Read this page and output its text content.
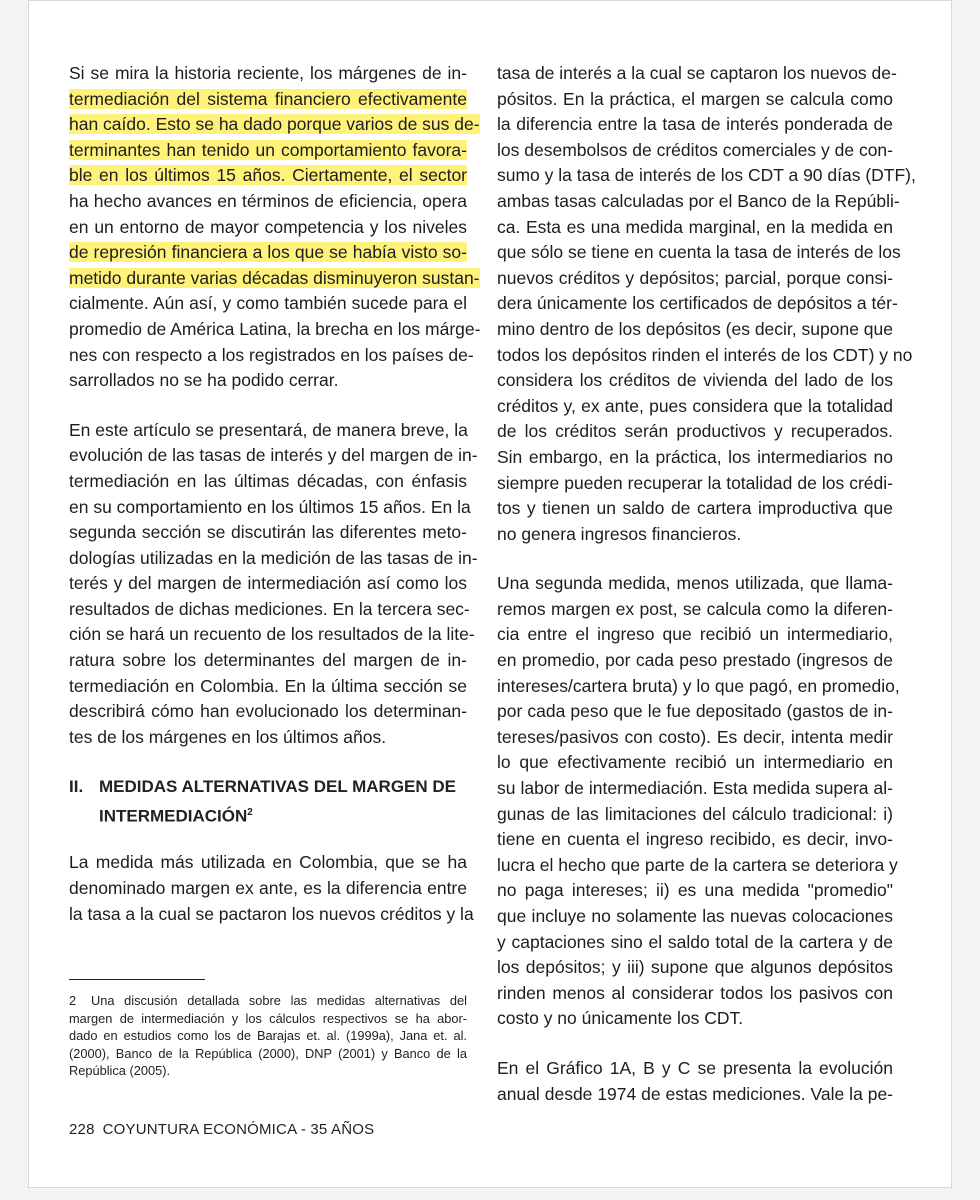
Si se mira la historia reciente, los márgenes de in-
termediación del sistema financiero efectivamente
han caído. Esto se ha dado porque varios de sus de-
terminantes han tenido un comportamiento favora-
ble en los últimos 15 años. Ciertamente, el sector
ha hecho avances en términos de eficiencia, opera
en un entorno de mayor competencia y los niveles
de represión financiera a los que se había visto so-
metido durante varias décadas disminuyeron sustan-
cialmente. Aún así, y como también sucede para el
promedio de América Latina, la brecha en los márge-
nes con respecto a los registrados en los países de-
sarrollados no se ha podido cerrar.
En este artículo se presentará, de manera breve, la
evolución de las tasas de interés y del margen de in-
termediación en las últimas décadas, con énfasis
en su comportamiento en los últimos 15 años. En la
segunda sección se discutirán las diferentes meto-
dologías utilizadas en la medición de las tasas de in-
terés y del margen de intermediación así como los
resultados de dichas mediciones. En la tercera sec-
ción se hará un recuento de los resultados de la lite-
ratura sobre los determinantes del margen de in-
termediación en Colombia. En la última sección se
describirá cómo han evolucionado los determinan-
tes de los márgenes en los últimos años.
II. MEDIDAS ALTERNATIVAS DEL MARGEN DE
INTERMEDIACIÓN$^2$
La medida más utilizada en Colombia, que se ha
denominado margen ex ante, es la diferencia entre
la tasa a la cual se pactaron los nuevos créditos y la
2 Una discusión detallada sobre las medidas alternativas del
margen de intermediación y los cálculos respectivos se ha abor-
dado en estudios como los de Barajas et. al. (1999a), Jana et. al.
(2000), Banco de la República (2000), DNP (2001) y Banco de la
República (2005).
tasa de interés a la cual se captaron los nuevos de-
pósitos. En la práctica, el margen se calcula como
la diferencia entre la tasa de interés ponderada de
los desembolsos de créditos comerciales y de con-
sumo y la tasa de interés de los CDT a 90 días (DTF),
ambas tasas calculadas por el Banco de la Repúbli-
ca. Esta es una medida marginal, en la medida en
que sólo se tiene en cuenta la tasa de interés de los
nuevos créditos y depósitos; parcial, porque consi-
dera únicamente los certificados de depósitos a tér-
mino dentro de los depósitos (es decir, supone que
todos los depósitos rinden el interés de los CDT) y no
considera los créditos de vivienda del lado de los
créditos y, ex ante, pues considera que la totalidad
de los créditos serán productivos y recuperados.
Sin embargo, en la práctica, los intermediarios no
siempre pueden recuperar la totalidad de los crédi-
tos y tienen un saldo de cartera improductiva que
no genera ingresos financieros.
Una segunda medida, menos utilizada, que llama-
remos margen ex post, se calcula como la diferen-
cia entre el ingreso que recibió un intermediario,
en promedio, por cada peso prestado (ingresos de
intereses/cartera bruta) y lo que pagó, en promedio,
por cada peso que le fue depositado (gastos de in-
tereses/pasivos con costo). Es decir, intenta medir
lo que efectivamente recibió un intermediario en
su labor de intermediación. Esta medida supera al-
gunas de las limitaciones del cálculo tradicional: i)
tiene en cuenta el ingreso recibido, es decir, invo-
lucra el hecho que parte de la cartera se deteriora y
no paga intereses; ii) es una medida "promedio"
que incluye no solamente las nuevas colocaciones
y captaciones sino el saldo total de la cartera y de
los depósitos; y iii) supone que algunos depósitos
rinden menos al considerar todos los pasivos con
costo y no únicamente los CDT.
En el Gráfico 1A, B y C se presenta la evolución
anual desde 1974 de estas mediciones. Vale la pe-
228 COYUNTURA ECONÓMICA - 35 AÑOS
